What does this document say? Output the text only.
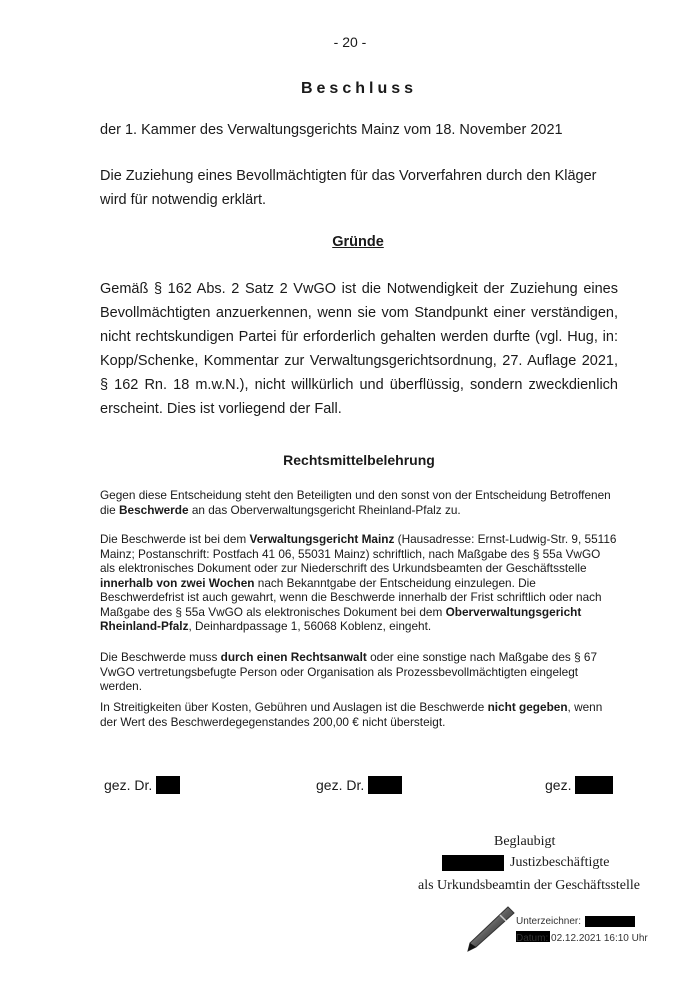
- 20 -
Beschluss
der 1. Kammer des Verwaltungsgerichts Mainz vom 18. November 2021
Die Zuziehung eines Bevollmächtigten für das Vorverfahren durch den Kläger wird für notwendig erklärt.
Gründe
Gemäß § 162 Abs. 2 Satz 2 VwGO ist die Notwendigkeit der Zuziehung eines Bevollmächtigten anzuerkennen, wenn sie vom Standpunkt einer verständigen, nicht rechtskundigen Partei für erforderlich gehalten werden durfte (vgl. Hug, in: Kopp/Schenke, Kommentar zur Verwaltungsgerichtsordnung, 27. Auflage 2021, § 162 Rn. 18 m.w.N.), nicht willkürlich und überflüssig, sondern zweckdienlich erscheint. Dies ist vorliegend der Fall.
Rechtsmittelbelehrung
Gegen diese Entscheidung steht den Beteiligten und den sonst von der Entscheidung Betroffenen die Beschwerde an das Oberverwaltungsgericht Rheinland-Pfalz zu.
Die Beschwerde ist bei dem Verwaltungsgericht Mainz (Hausadresse: Ernst-Ludwig-Str. 9, 55116 Mainz; Postanschrift: Postfach 41 06, 55031 Mainz) schriftlich, nach Maßgabe des § 55a VwGO als elektronisches Dokument oder zur Niederschrift des Urkundsbeamten der Geschäftsstelle innerhalb von zwei Wochen nach Bekanntgabe der Entscheidung einzulegen. Die Beschwerdefrist ist auch gewahrt, wenn die Beschwerde innerhalb der Frist schriftlich oder nach Maßgabe des § 55a VwGO als elektronisches Dokument bei dem Oberverwaltungsgericht Rheinland-Pfalz, Deinhardpassage 1, 56068 Koblenz, eingeht.
Die Beschwerde muss durch einen Rechtsanwalt oder eine sonstige nach Maßgabe des § 67 VwGO vertretungsbefugte Person oder Organisation als Prozessbevollmächtigten eingelegt werden.
In Streitigkeiten über Kosten, Gebühren und Auslagen ist die Beschwerde nicht gegeben, wenn der Wert des Beschwerdegegenstandes 200,00 € nicht übersteigt.
gez. Dr.	gez. Dr.	gez.
Beglaubigt
Justizbeschäftigte
als Urkundsbeamtin der Geschäftsstelle
Unterzeichner:
Datum: 02.12.2021 16:10 Uhr
